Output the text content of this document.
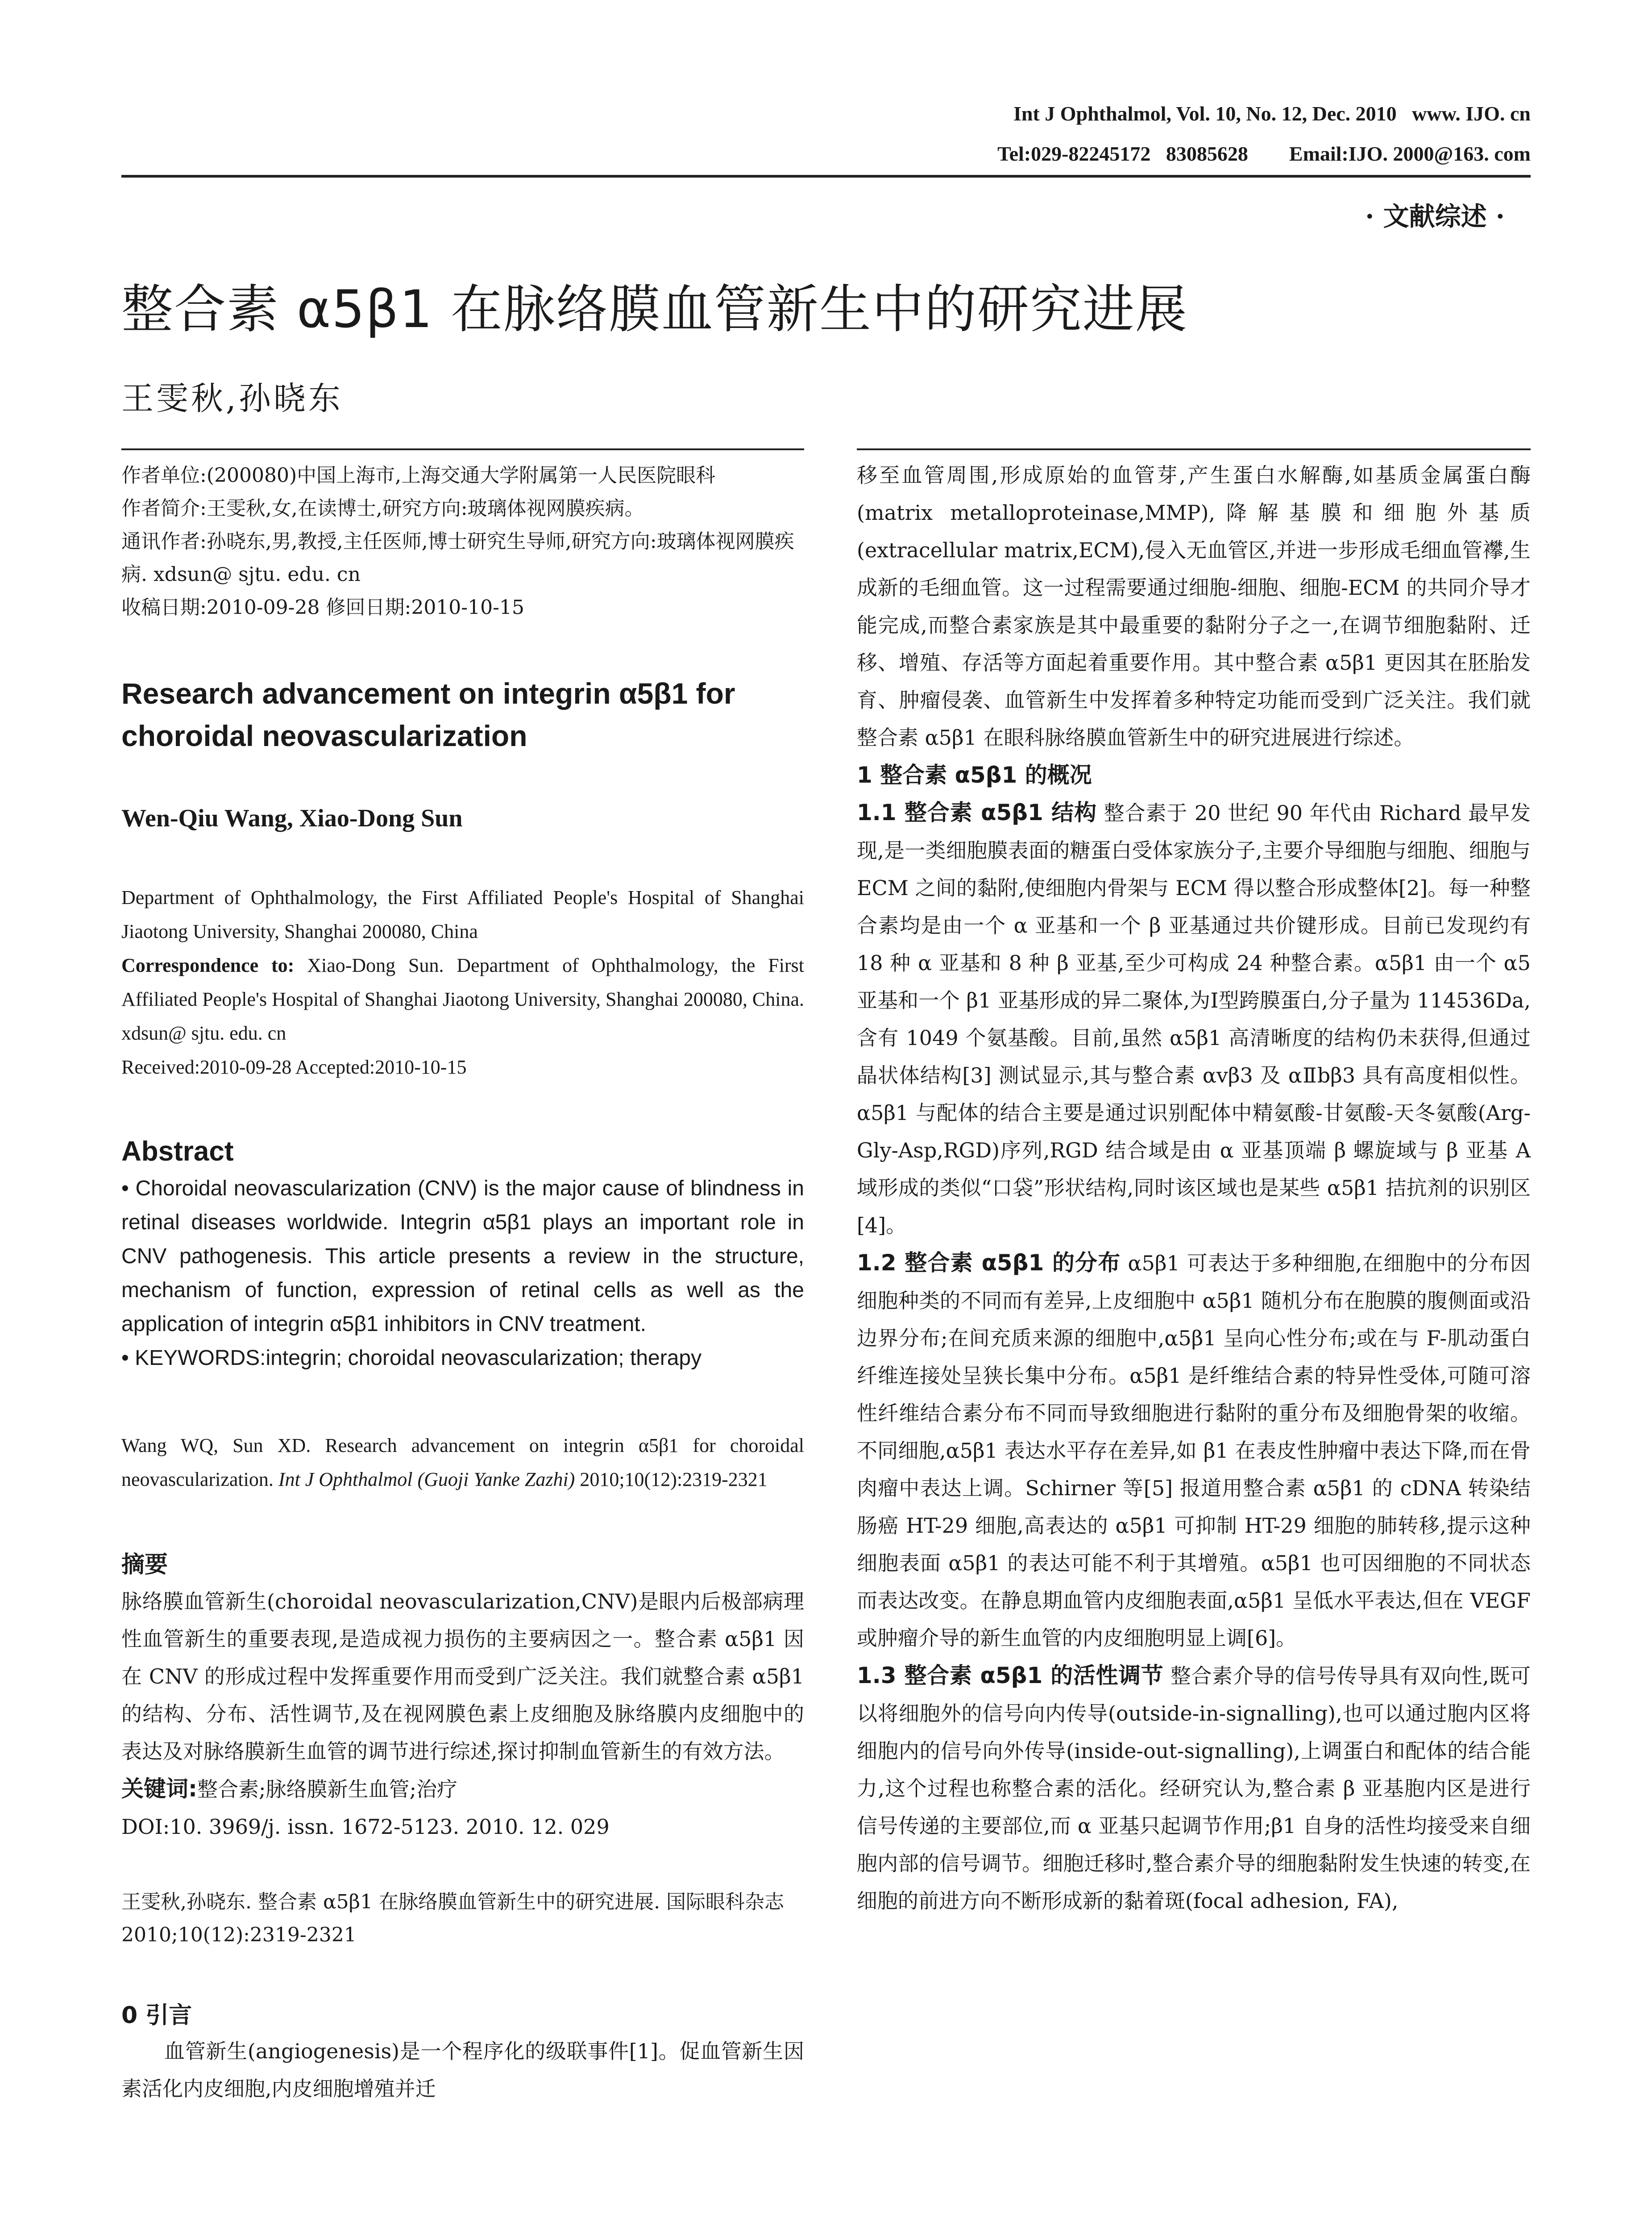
Int J Ophthalmol, Vol. 10, No. 12, Dec. 2010   www. IJO. cn
Tel:029-82245172   83085628        Email:IJO. 2000@163. com
· 文献综述 ·
整合素 α5β1 在脉络膜血管新生中的研究进展
王雯秋,孙晓东

作者单位:(200080)中国上海市,上海交通大学附属第一人民医院眼科

作者简介:王雯秋,女,在读博士,研究方向:玻璃体视网膜疾病。

通讯作者:孙晓东,男,教授,主任医师,博士研究生导师,研究方向:玻璃体视网膜疾病. xdsun@ sjtu. edu. cn

收稿日期:2010-09-28 修回日期:2010-10-15

Research advancement on integrin α5β1 for choroidal neovascularization
Wen-Qiu Wang, Xiao-Dong Sun

Department of Ophthalmology, the First Affiliated People's Hospital of Shanghai Jiaotong University, Shanghai 200080, China

Correspondence to: Xiao-Dong Sun. Department of Ophthalmology, the First Affiliated People's Hospital of Shanghai Jiaotong University, Shanghai 200080, China. xdsun@ sjtu. edu. cn

Received:2010-09-28 Accepted:2010-10-15

Abstract

• Choroidal neovascularization (CNV) is the major cause of blindness in retinal diseases worldwide. Integrin α5β1 plays an important role in CNV pathogenesis. This article presents a review in the structure, mechanism of function, expression of retinal cells as well as the application of integrin α5β1 inhibitors in CNV treatment.

• KEYWORDS:integrin; choroidal neovascularization; therapy

Wang WQ, Sun XD. Research advancement on integrin α5β1 for choroidal neovascularization. Int J Ophthalmol (Guoji Yanke Zazhi) 2010;10(12):2319-2321

摘要

脉络膜血管新生(choroidal neovascularization,CNV)是眼内后极部病理性血管新生的重要表现,是造成视力损伤的主要病因之一。整合素 α5β1 因在 CNV 的形成过程中发挥重要作用而受到广泛关注。我们就整合素 α5β1 的结构、分布、活性调节,及在视网膜色素上皮细胞及脉络膜内皮细胞中的表达及对脉络膜新生血管的调节进行综述,探讨抑制血管新生的有效方法。

关键词:整合素;脉络膜新生血管;治疗

DOI:10. 3969/j. issn. 1672-5123. 2010. 12. 029

王雯秋,孙晓东. 整合素 α5β1 在脉络膜血管新生中的研究进展. 国际眼科杂志 2010;10(12):2319-2321

0 引言

血管新生(angiogenesis)是一个程序化的级联事件[1]。促血管新生因素活化内皮细胞,内皮细胞增殖并迁

移至血管周围,形成原始的血管芽,产生蛋白水解酶,如基质金属蛋白酶(matrix metalloproteinase,MMP),降解基膜和细胞外基质(extracellular matrix,ECM),侵入无血管区,并进一步形成毛细血管襻,生成新的毛细血管。这一过程需要通过细胞-细胞、细胞-ECM 的共同介导才能完成,而整合素家族是其中最重要的黏附分子之一,在调节细胞黏附、迁移、增殖、存活等方面起着重要作用。其中整合素 α5β1 更因其在胚胎发育、肿瘤侵袭、血管新生中发挥着多种特定功能而受到广泛关注。我们就整合素 α5β1 在眼科脉络膜血管新生中的研究进展进行综述。

1 整合素 α5β1 的概况

1.1 整合素 α5β1 结构 整合素于 20 世纪 90 年代由 Richard 最早发现,是一类细胞膜表面的糖蛋白受体家族分子,主要介导细胞与细胞、细胞与 ECM 之间的黏附,使细胞内骨架与 ECM 得以整合形成整体[2]。每一种整合素均是由一个 α 亚基和一个 β 亚基通过共价键形成。目前已发现约有 18 种 α 亚基和 8 种 β 亚基,至少可构成 24 种整合素。α5β1 由一个 α5 亚基和一个 β1 亚基形成的异二聚体,为Ⅰ型跨膜蛋白,分子量为 114536Da,含有 1049 个氨基酸。目前,虽然 α5β1 高清晰度的结构仍未获得,但通过晶状体结构[3] 测试显示,其与整合素 αvβ3 及 αⅡbβ3 具有高度相似性。α5β1 与配体的结合主要是通过识别配体中精氨酸-甘氨酸-天冬氨酸(Arg-Gly-Asp,RGD)序列,RGD 结合域是由 α 亚基顶端 β 螺旋域与 β 亚基 A 域形成的类似“口袋”形状结构,同时该区域也是某些 α5β1 拮抗剂的识别区[4]。

1.2 整合素 α5β1 的分布 α5β1 可表达于多种细胞,在细胞中的分布因细胞种类的不同而有差异,上皮细胞中 α5β1 随机分布在胞膜的腹侧面或沿边界分布;在间充质来源的细胞中,α5β1 呈向心性分布;或在与 F-肌动蛋白纤维连接处呈狭长集中分布。α5β1 是纤维结合素的特异性受体,可随可溶性纤维结合素分布不同而导致细胞进行黏附的重分布及细胞骨架的收缩。不同细胞,α5β1 表达水平存在差异,如 β1 在表皮性肿瘤中表达下降,而在骨肉瘤中表达上调。Schirner 等[5] 报道用整合素 α5β1 的 cDNA 转染结肠癌 HT-29 细胞,高表达的 α5β1 可抑制 HT-29 细胞的肺转移,提示这种细胞表面 α5β1 的表达可能不利于其增殖。α5β1 也可因细胞的不同状态而表达改变。在静息期血管内皮细胞表面,α5β1 呈低水平表达,但在 VEGF 或肿瘤介导的新生血管的内皮细胞明显上调[6]。

1.3 整合素 α5β1 的活性调节 整合素介导的信号传导具有双向性,既可以将细胞外的信号向内传导(outside-in-signalling),也可以通过胞内区将细胞内的信号向外传导(inside-out-signalling),上调蛋白和配体的结合能力,这个过程也称整合素的活化。经研究认为,整合素 β 亚基胞内区是进行信号传递的主要部位,而 α 亚基只起调节作用;β1 自身的活性均接受来自细胞内部的信号调节。细胞迁移时,整合素介导的细胞黏附发生快速的转变,在细胞的前进方向不断形成新的黏着斑(focal adhesion, FA),
